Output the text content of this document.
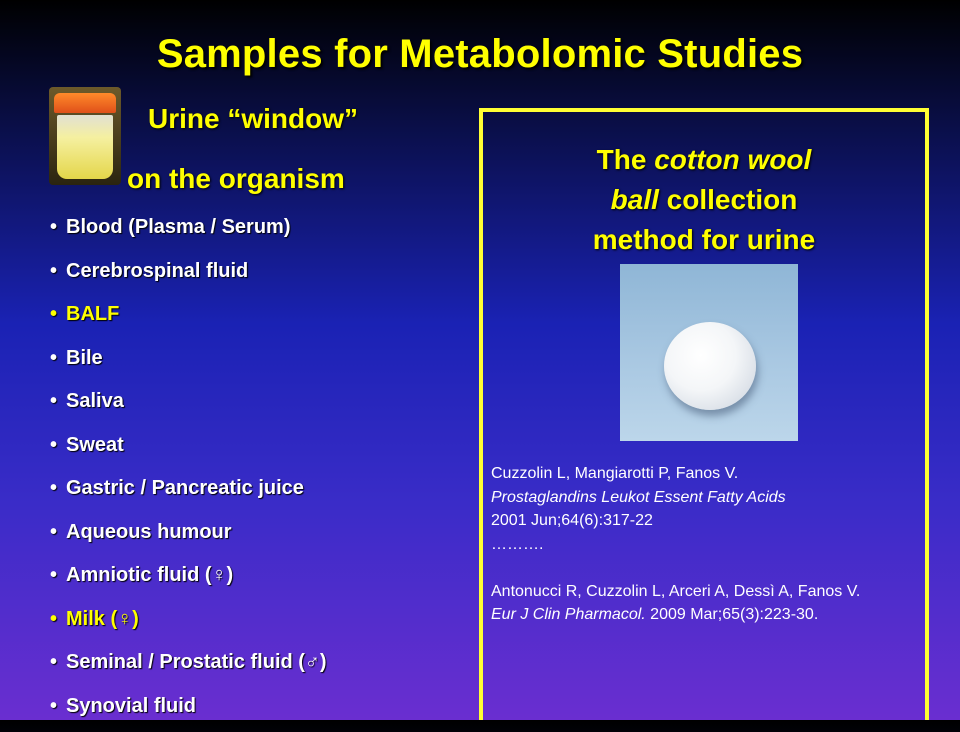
Samples for Metabolomic Studies
Urine “window”
on the organism
• Blood (Plasma / Serum)
• Cerebrospinal fluid
• BALF
• Bile
• Saliva
• Sweat
• Gastric / Pancreatic juice
• Aqueous humour
• Amniotic fluid (♀)
• Milk (♀)
• Seminal / Prostatic fluid (♂)
• Synovial fluid
The cotton wool
ball collection
method for urine

Cuzzolin L, Mangiarotti P, Fanos V.

Prostaglandins Leukot Essent Fatty Acids

2001 Jun;64(6):317-22

……….

Antonucci R, Cuzzolin L, Arceri A, Dessì A, Fanos V.

Eur J Clin Pharmacol. 2009 Mar;65(3):223-30.
